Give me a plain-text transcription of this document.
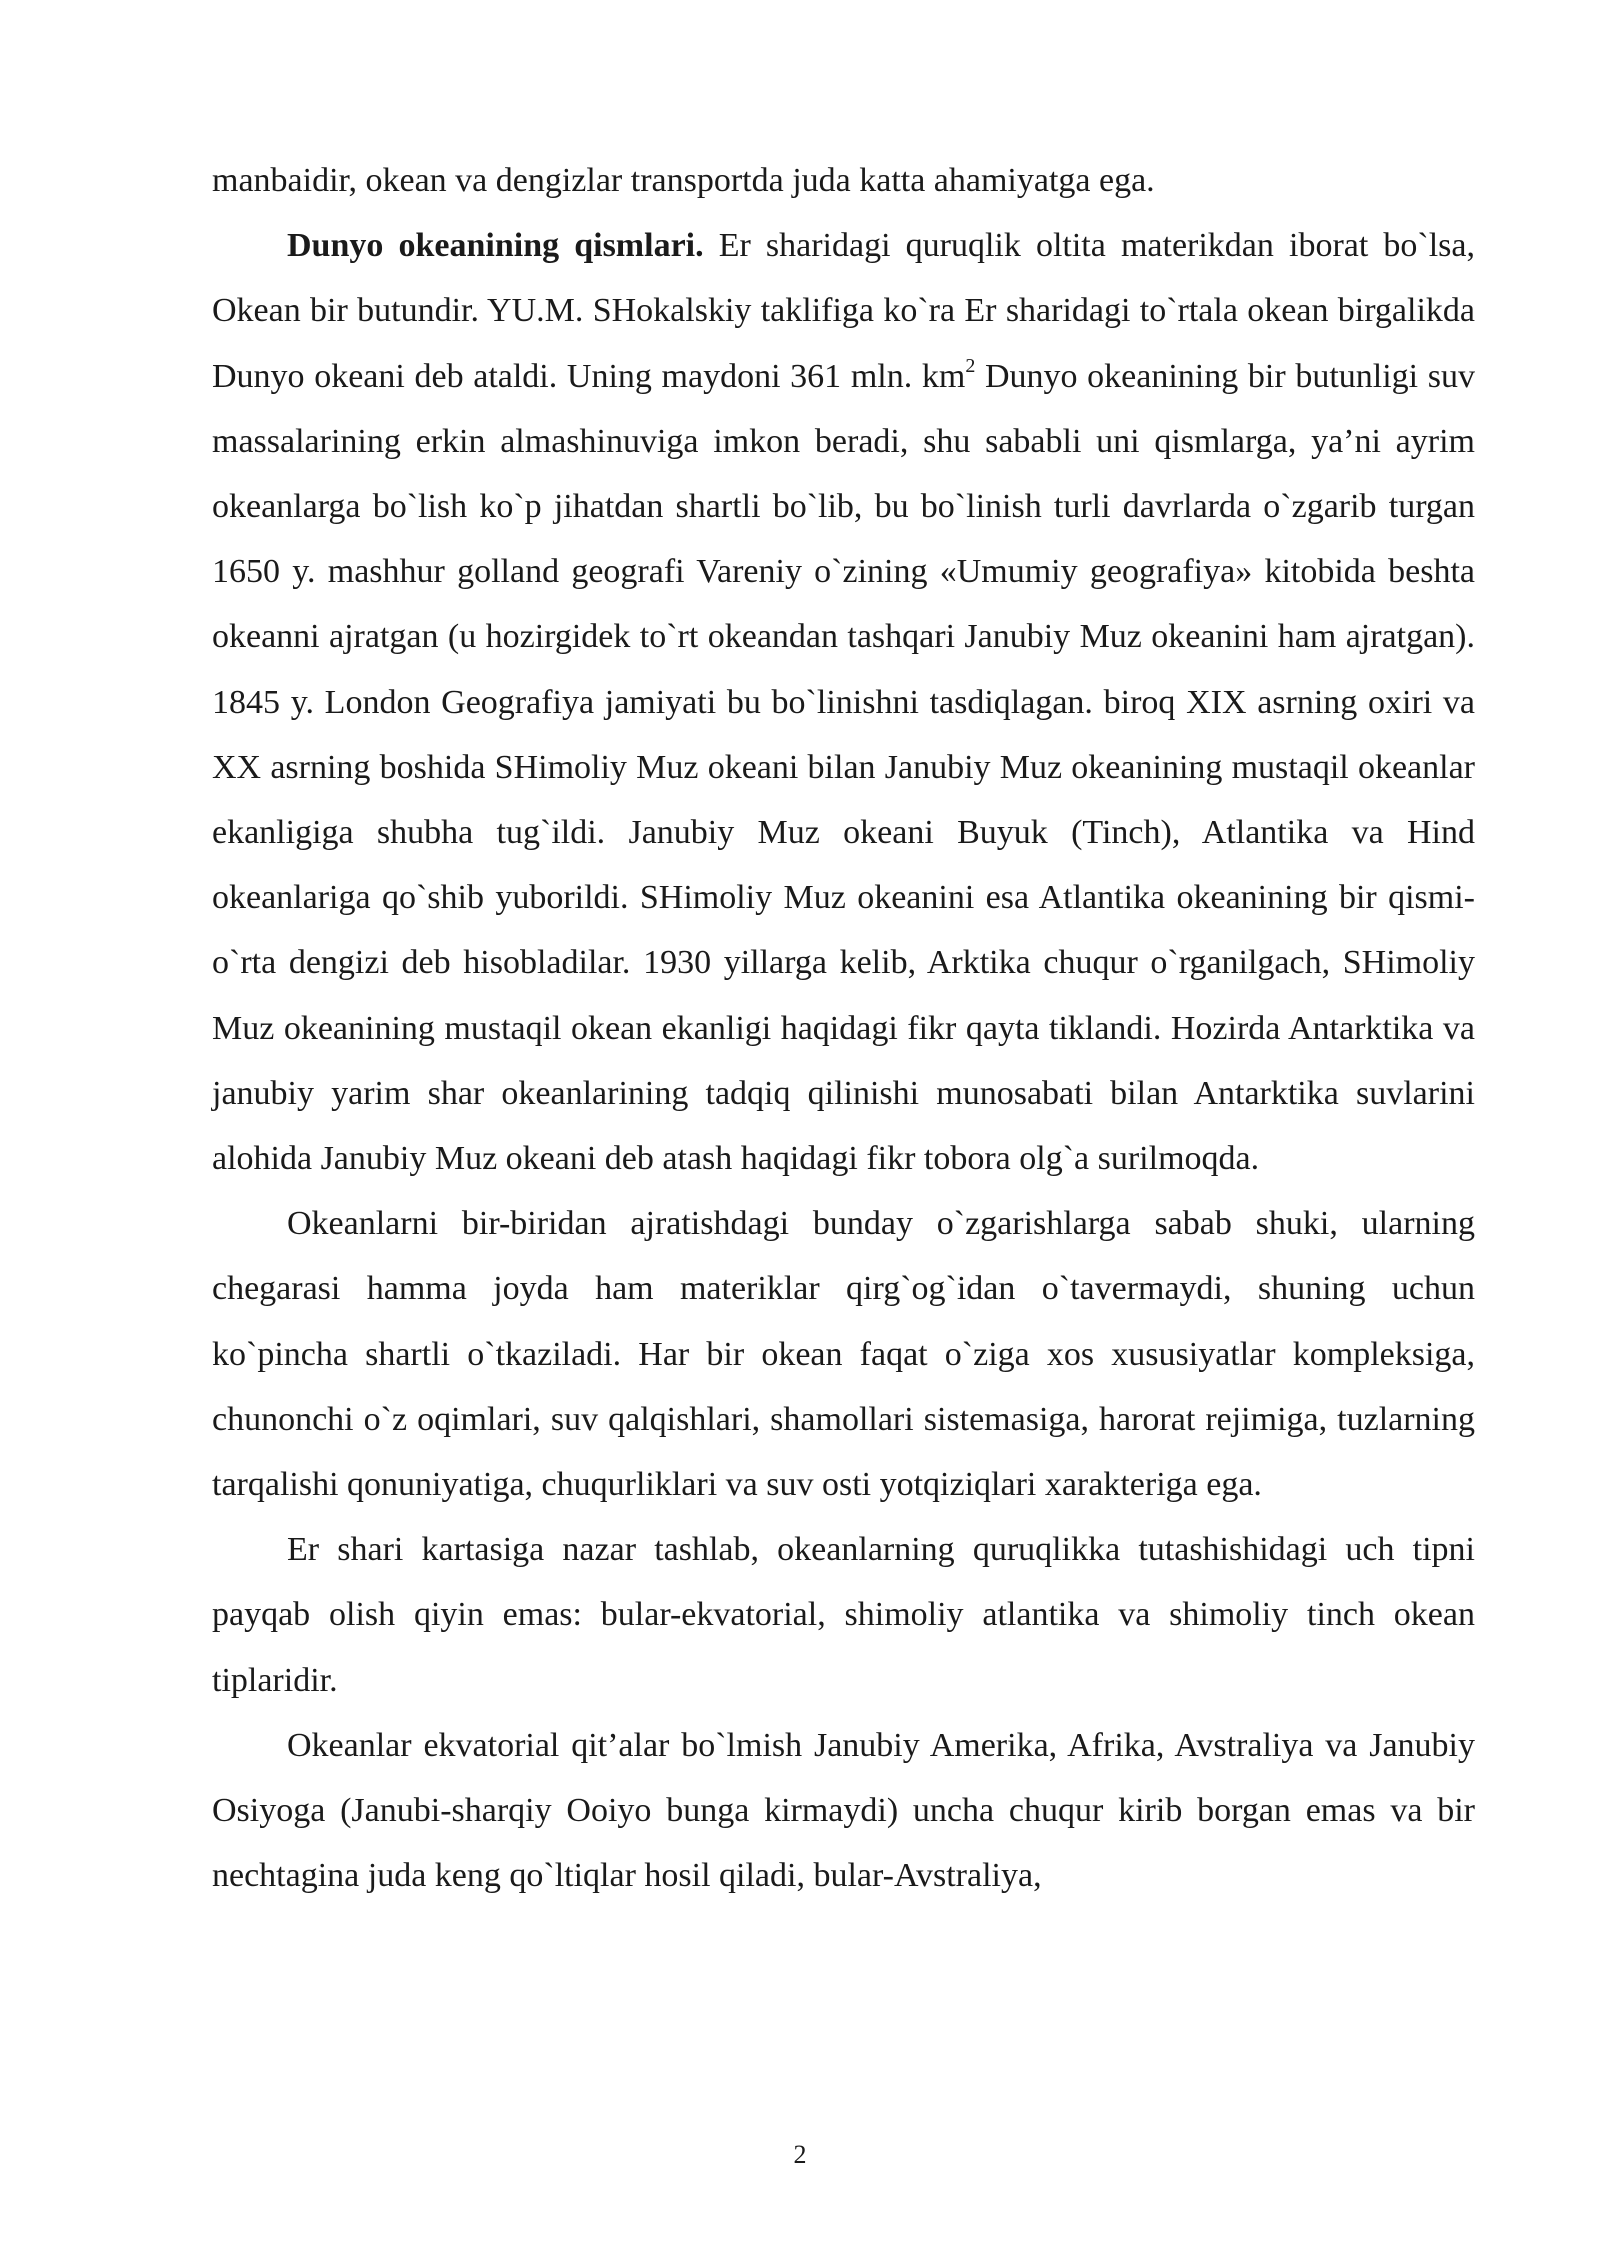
manbaidir, okean va dengizlar transportda juda katta ahamiyatga ega.

Dunyo okeanining qismlari. Er sharidagi quruqlik oltita materikdan iborat bo`lsa, Okean bir butundir. YU.M. SHokalskiy taklifiga ko`ra Er sharidagi to`rtala okean birgalikda Dunyo okeani deb ataldi. Uning maydoni 361 mln. $km^2$ Dunyo okeanining bir butunligi suv massalarining erkin almashinuviga imkon beradi, shu sababli uni qismlarga, ya’ni ayrim okeanlarga bo`lish ko`p jihatdan shartli bo`lib, bu bo`linish turli davrlarda o`zgarib turgan 1650 y. mashhur golland geografi Vareniy o`zining «Umumiy geografiya» kitobida beshta okeanni ajratgan (u hozirgidek to`rt okeandan tashqari Janubiy Muz okeanini ham ajratgan). 1845 y. London Geografiya jamiyati bu bo`linishni tasdiqlagan. biroq XIX asrning oxiri va XX asrning boshida SHimoliy Muz okeani bilan Janubiy Muz okeanining mustaqil okeanlar ekanligiga shubha tug`ildi. Janubiy Muz okeani Buyuk (Tinch), Atlantika va Hind okeanlariga qo`shib yuborildi. SHimoliy Muz okeanini esa Atlantika okeanining bir qismi-o`rta dengizi deb hisobladilar. 1930 yillarga kelib, Arktika chuqur o`rganilgach, SHimoliy Muz okeanining mustaqil okean ekanligi haqidagi fikr qayta tiklandi. Hozirda Antarktika va janubiy yarim shar okeanlarining tadqiq qilinishi munosabati bilan Antarktika suvlarini alohida Janubiy Muz okeani deb atash haqidagi fikr tobora olg`a surilmoqda.

Okeanlarni bir-biridan ajratishdagi bunday o`zgarishlarga sabab shuki, ularning chegarasi hamma joyda ham materiklar qirg`og`idan o`tavermaydi, shuning uchun ko`pincha shartli o`tkaziladi. Har bir okean faqat o`ziga xos xususiyatlar kompleksiga, chunonchi o`z oqimlari, suv qalqishlari, shamollari sistemasiga, harorat rejimiga, tuzlarning tarqalishi qonuniyatiga, chuqurliklari va suv osti yotqiziqlari xarakteriga ega.

Er shari kartasiga nazar tashlab, okeanlarning quruqlikka tutashishidagi uch tipni payqab olish qiyin emas: bular-ekvatorial, shimoliy atlantika va shimoliy tinch okean tiplaridir.

Okeanlar ekvatorial qit’alar bo`lmish Janubiy Amerika, Afrika, Avstraliya va Janubiy Osiyoga (Janubi-sharqiy Ooiyo bunga kirmaydi) uncha chuqur kirib borgan emas va bir nechtagina juda keng qo`ltiqlar hosil qiladi, bular-Avstraliya,

2
